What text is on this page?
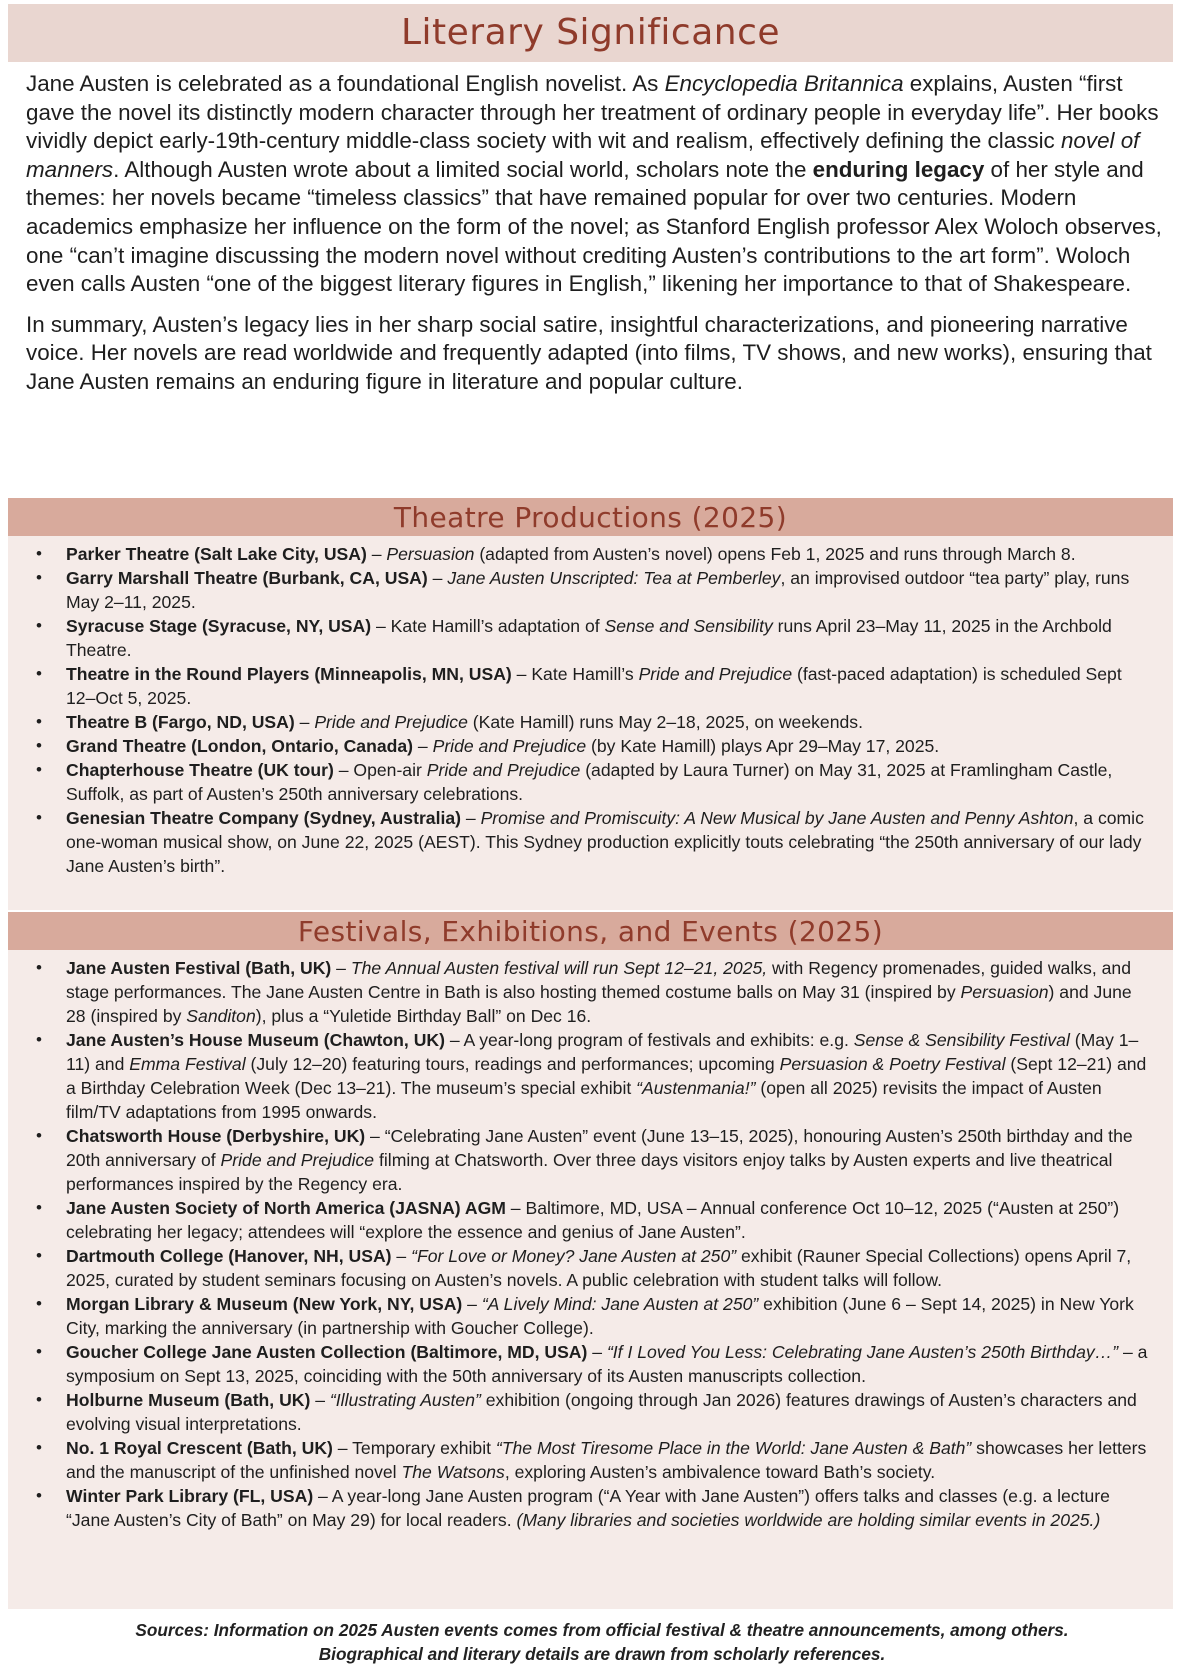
Literary Significance

Jane Austen is celebrated as a foundational English novelist. As Encyclopedia Britannica explains, Austen “first gave the novel its distinctly modern character through her treatment of ordinary people in everyday life”. Her books vividly depict early-19th-century middle-class society with wit and realism, effectively defining the classic novel of manners. Although Austen wrote about a limited social world, scholars note the enduring legacy of her style and themes: her novels became “timeless classics” that have remained popular for over two centuries. Modern academics emphasize her influence on the form of the novel; as Stanford English professor Alex Woloch observes, one “can’t imagine discussing the modern novel without crediting Austen’s contributions to the art form”. Woloch even calls Austen “one of the biggest literary figures in English,” likening her importance to that of Shakespeare.

In summary, Austen’s legacy lies in her sharp social satire, insightful characterizations, and pioneering narrative voice. Her novels are read worldwide and frequently adapted (into films, TV shows, and new works), ensuring that Jane Austen remains an enduring figure in literature and popular culture.

Theatre Productions (2025)
• Parker Theatre (Salt Lake City, USA) – Persuasion (adapted from Austen’s novel) opens Feb 1, 2025 and runs through March 8.
• Garry Marshall Theatre (Burbank, CA, USA) – Jane Austen Unscripted: Tea at Pemberley, an improvised outdoor “tea party” play, runs May 2–11, 2025.
• Syracuse Stage (Syracuse, NY, USA) – Kate Hamill’s adaptation of Sense and Sensibility runs April 23–May 11, 2025 in the Archbold Theatre.
• Theatre in the Round Players (Minneapolis, MN, USA) – Kate Hamill’s Pride and Prejudice (fast-paced adaptation) is scheduled Sept 12–Oct 5, 2025.
• Theatre B (Fargo, ND, USA) – Pride and Prejudice (Kate Hamill) runs May 2–18, 2025, on weekends.
• Grand Theatre (London, Ontario, Canada) – Pride and Prejudice (by Kate Hamill) plays Apr 29–May 17, 2025.
• Chapterhouse Theatre (UK tour) – Open-air Pride and Prejudice (adapted by Laura Turner) on May 31, 2025 at Framlingham Castle, Suffolk, as part of Austen’s 250th anniversary celebrations.
• Genesian Theatre Company (Sydney, Australia) – Promise and Promiscuity: A New Musical by Jane Austen and Penny Ashton, a comic one-woman musical show, on June 22, 2025 (AEST). This Sydney production explicitly touts celebrating “the 250th anniversary of our lady Jane Austen’s birth”.
Festivals, Exhibitions, and Events (2025)
• Jane Austen Festival (Bath, UK) – The Annual Austen festival will run Sept 12–21, 2025, with Regency promenades, guided walks, and stage performances. The Jane Austen Centre in Bath is also hosting themed costume balls on May 31 (inspired by Persuasion) and June 28 (inspired by Sanditon), plus a “Yuletide Birthday Ball” on Dec 16.
• Jane Austen’s House Museum (Chawton, UK) – A year-long program of festivals and exhibits: e.g. Sense & Sensibility Festival (May 1–11) and Emma Festival (July 12–20) featuring tours, readings and performances; upcoming Persuasion & Poetry Festival (Sept 12–21) and a Birthday Celebration Week (Dec 13–21). The museum’s special exhibit “Austenmania!” (open all 2025) revisits the impact of Austen film/TV adaptations from 1995 onwards.
• Chatsworth House (Derbyshire, UK) – “Celebrating Jane Austen” event (June 13–15, 2025), honouring Austen’s 250th birthday and the 20th anniversary of Pride and Prejudice filming at Chatsworth. Over three days visitors enjoy talks by Austen experts and live theatrical performances inspired by the Regency era.
• Jane Austen Society of North America (JASNA) AGM – Baltimore, MD, USA – Annual conference Oct 10–12, 2025 (“Austen at 250”) celebrating her legacy; attendees will “explore the essence and genius of Jane Austen”.
• Dartmouth College (Hanover, NH, USA) – “For Love or Money? Jane Austen at 250” exhibit (Rauner Special Collections) opens April 7, 2025, curated by student seminars focusing on Austen’s novels. A public celebration with student talks will follow.
• Morgan Library & Museum (New York, NY, USA) – “A Lively Mind: Jane Austen at 250” exhibition (June 6 – Sept 14, 2025) in New York City, marking the anniversary (in partnership with Goucher College).
• Goucher College Jane Austen Collection (Baltimore, MD, USA) – “If I Loved You Less: Celebrating Jane Austen’s 250th Birthday…” – a symposium on Sept 13, 2025, coinciding with the 50th anniversary of its Austen manuscripts collection.
• Holburne Museum (Bath, UK) – “Illustrating Austen” exhibition (ongoing through Jan 2026) features drawings of Austen’s characters and evolving visual interpretations.
• No. 1 Royal Crescent (Bath, UK) – Temporary exhibit “The Most Tiresome Place in the World: Jane Austen & Bath” showcases her letters and the manuscript of the unfinished novel The Watsons, exploring Austen’s ambivalence toward Bath’s society.
• Winter Park Library (FL, USA) – A year-long Jane Austen program (“A Year with Jane Austen”) offers talks and classes (e.g. a lecture “Jane Austen’s City of Bath” on May 29) for local readers. (Many libraries and societies worldwide are holding similar events in 2025.)
Sources: Information on 2025 Austen events comes from official festival & theatre announcements, among others.
Biographical and literary details are drawn from scholarly references.
